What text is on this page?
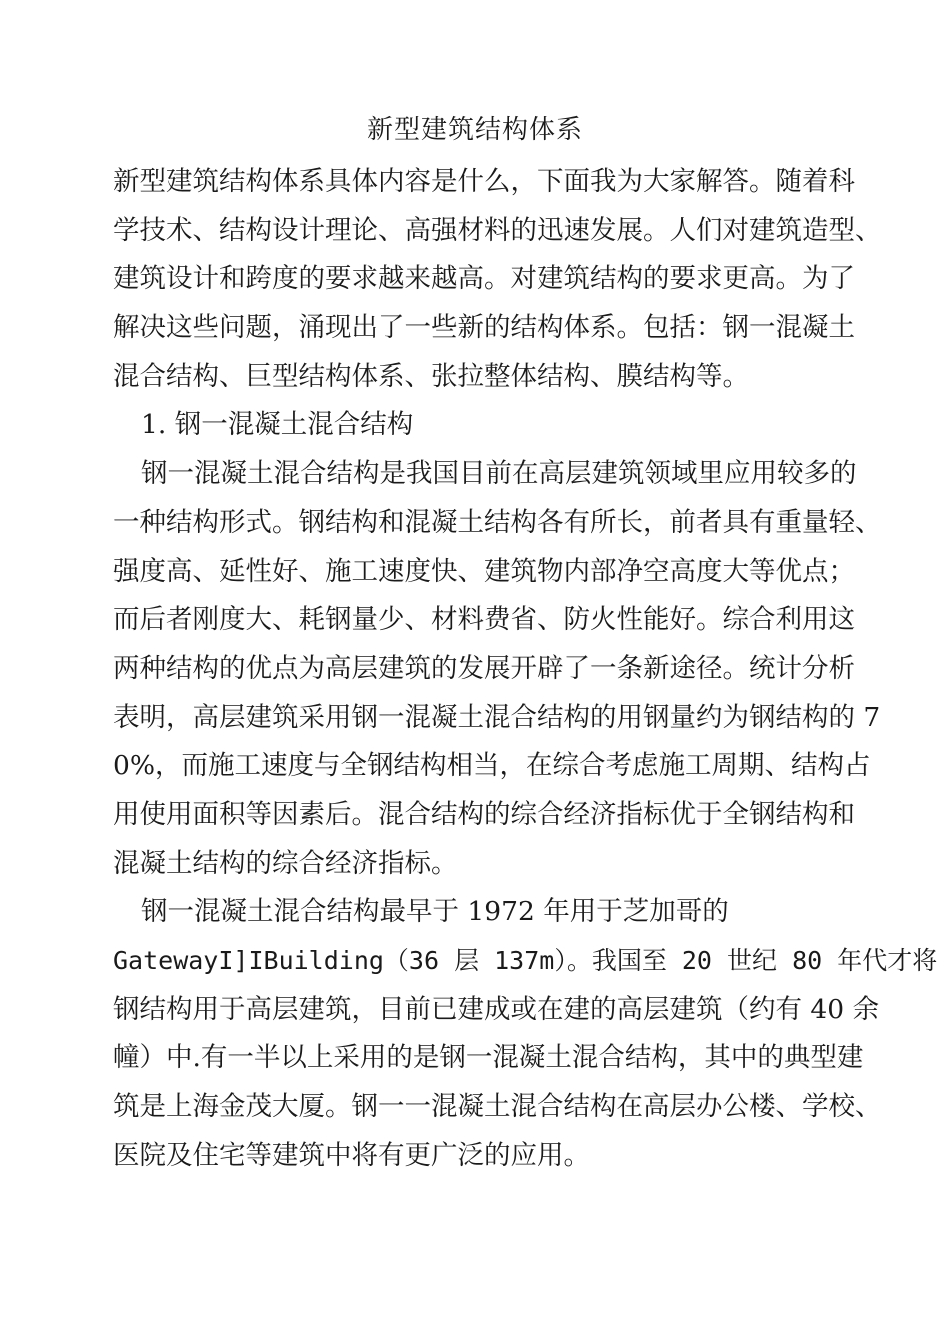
新型建筑结构体系
新型建筑结构体系具体内容是什么，下面我为大家解答。随着科
学技术、结构设计理论、高强材料的迅速发展。人们对建筑造型、
建筑设计和跨度的要求越来越高。对建筑结构的要求更高。为了
解决这些问题，涌现出了一些新的结构体系。包括：钢一混凝土
混合结构、巨型结构体系、张拉整体结构、膜结构等。
1. 钢一混凝土混合结构
钢一混凝土混合结构是我国目前在高层建筑领域里应用较多的
一种结构形式。钢结构和混凝土结构各有所长，前者具有重量轻、
强度高、延性好、施工速度快、建筑物内部净空高度大等优点；
而后者刚度大、耗钢量少、材料费省、防火性能好。综合利用这
两种结构的优点为高层建筑的发展开辟了一条新途径。统计分析
表明，高层建筑采用钢一混凝土混合结构的用钢量约为钢结构的 7
0%，而施工速度与全钢结构相当，在综合考虑施工周期、结构占
用使用面积等因素后。混合结构的综合经济指标优于全钢结构和
混凝土结构的综合经济指标。
钢一混凝土混合结构最早于 1972 年用于芝加哥的
GatewayI]IBuilding（36 层 137m）。我国至 20 世纪 80 年代才将
钢结构用于高层建筑，目前已建成或在建的高层建筑（约有 40 余
幢）中.有一半以上采用的是钢一混凝土混合结构，其中的典型建
筑是上海金茂大厦。钢一一混凝土混合结构在高层办公楼、学校、
医院及住宅等建筑中将有更广泛的应用。
